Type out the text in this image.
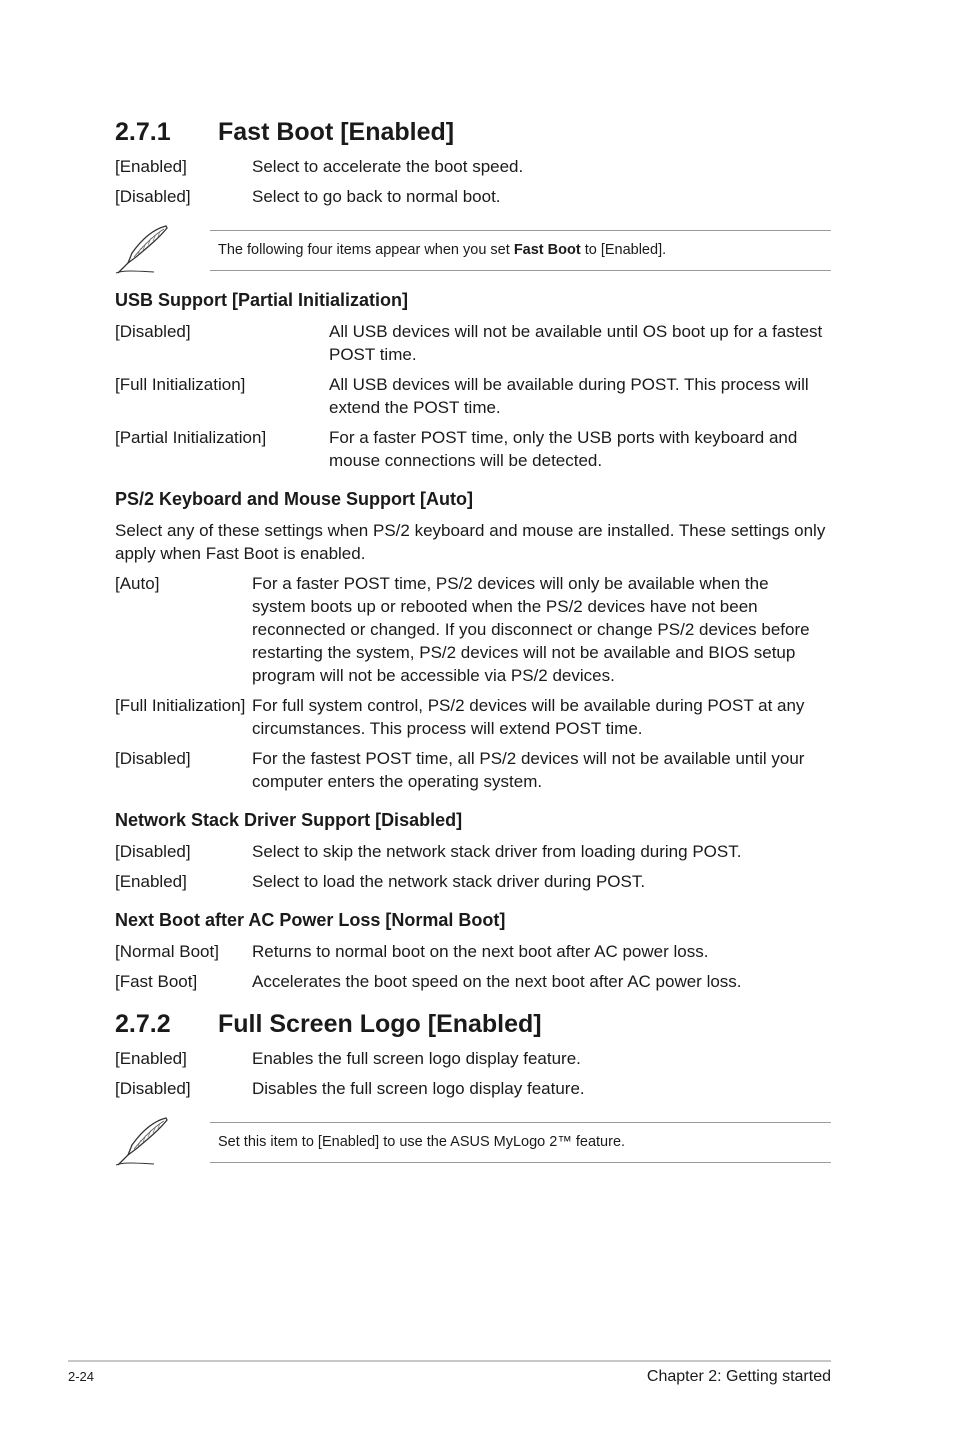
2.7.1 Fast Boot [Enabled]
[Enabled]	Select to accelerate the boot speed.
[Disabled]	Select to go back to normal boot.
The following four items appear when you set Fast Boot to [Enabled].
USB Support [Partial Initialization]
[Disabled]	All USB devices will not be available until OS boot up for a fastest POST time.
[Full Initialization]	All USB devices will be available during POST. This process will extend the POST time.
[Partial Initialization]	For a faster POST time, only the USB ports with keyboard and mouse connections will be detected.
PS/2 Keyboard and Mouse Support [Auto]
Select any of these settings when PS/2 keyboard and mouse are installed. These settings only apply when Fast Boot is enabled.
[Auto]	For a faster POST time, PS/2 devices will only be available when the system boots up or rebooted when the PS/2 devices have not been reconnected or changed. If you disconnect or change PS/2 devices before restarting the system, PS/2 devices will not be available and BIOS setup program will not be accessible via PS/2 devices.
[Full Initialization] For full system control, PS/2 devices will be available during POST at any circumstances. This process will extend POST time.
[Disabled]	For the fastest POST time, all PS/2 devices will not be available until your computer enters the operating system.
Network Stack Driver Support [Disabled]
[Disabled]	Select to skip the network stack driver from loading during POST.
[Enabled]	Select to load the network stack driver during POST.
Next Boot after AC Power Loss [Normal Boot]
[Normal Boot] Returns to normal boot on the next boot after AC power loss.
[Fast Boot]	Accelerates the boot speed on the next boot after AC power loss.
2.7.2 Full Screen Logo [Enabled]
[Enabled]	Enables the full screen logo display feature.
[Disabled]	Disables the full screen logo display feature.
Set this item to [Enabled] to use the ASUS MyLogo 2™ feature.
2-24	Chapter 2: Getting started
